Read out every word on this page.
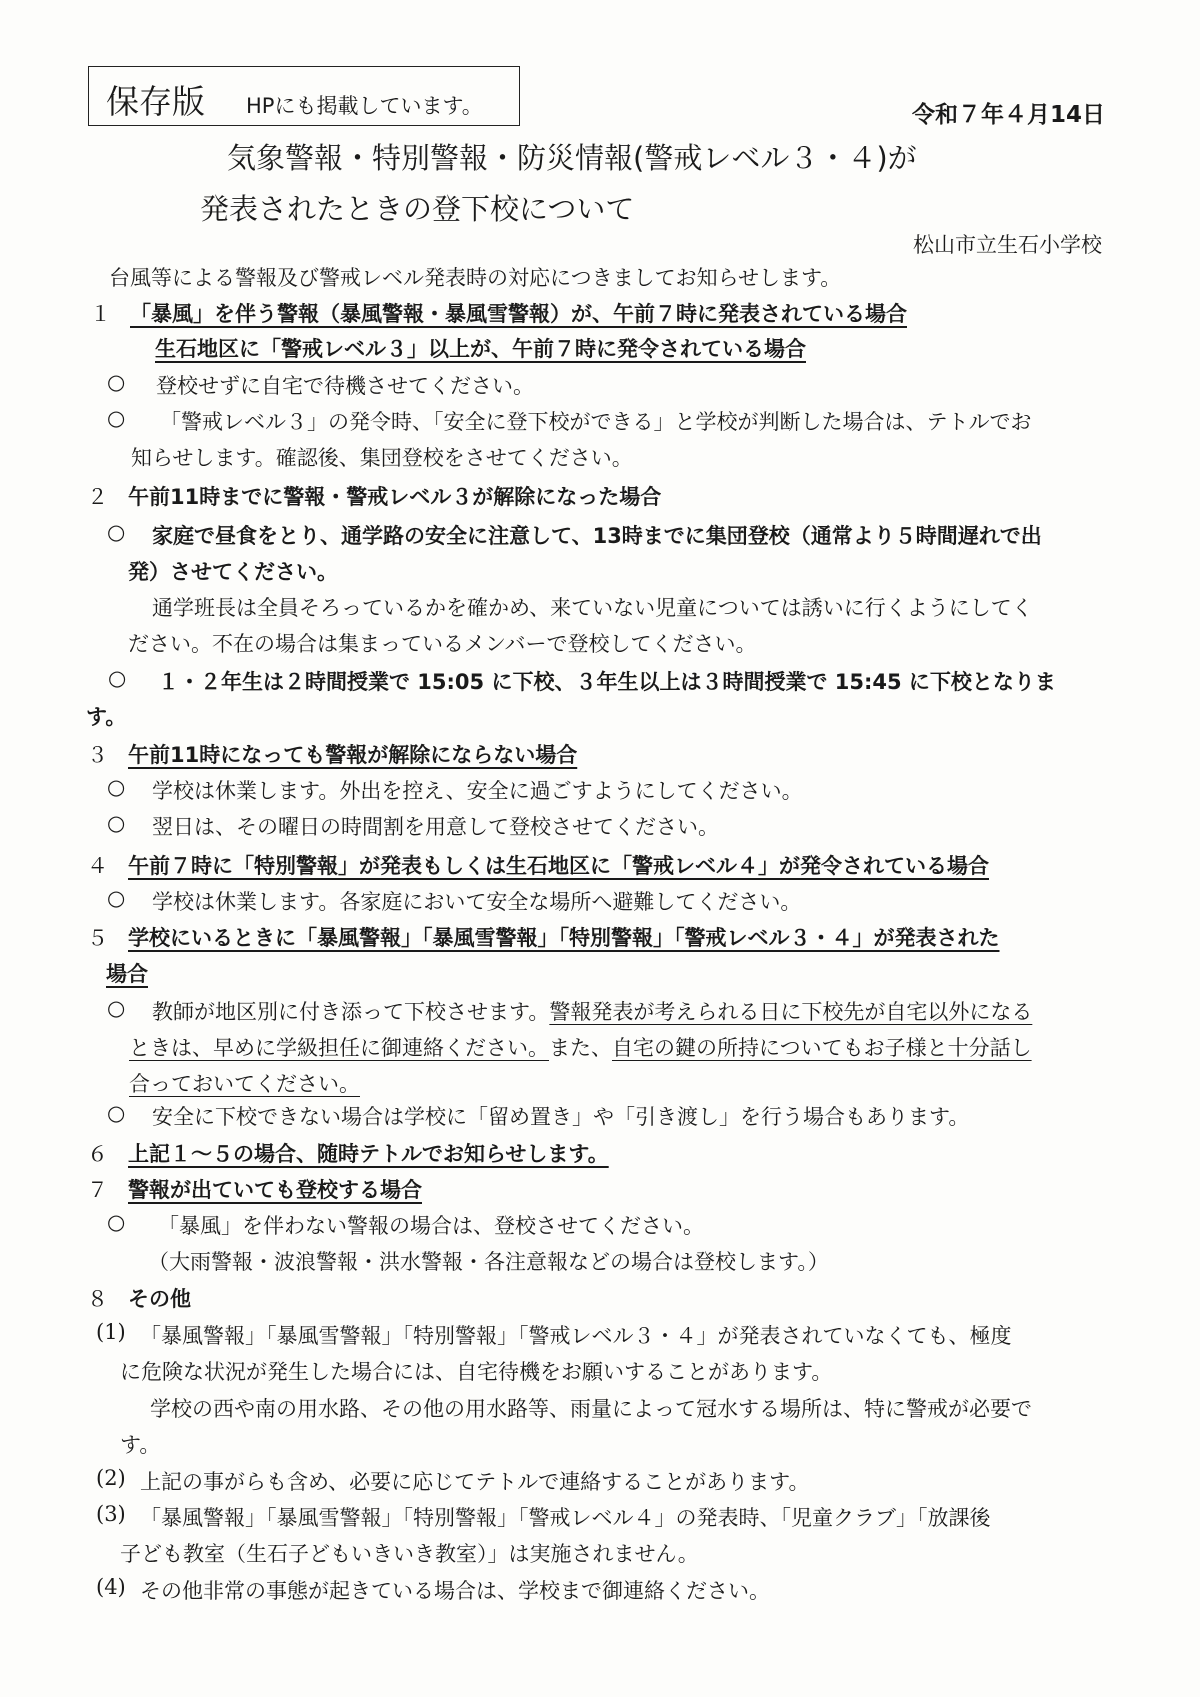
保存版 HPにも掲載しています。	令和７年４月14日
気象警報・特別警報・防災情報(警戒レベル３・４)が
発表されたときの登下校について
松山市立生石小学校
台風等による警報及び警戒レベル発表時の対応につきましてお知らせします。
１ 「暴風」を伴う警報（暴風警報・暴風雪警報）が、午前７時に発表されている場合
生石地区に「警戒レベル３」以上が、午前７時に発令されている場合
○ 登校せずに自宅で待機させてください。
○ 「警戒レベル３」の発令時、「安全に登下校ができる」と学校が判断した場合は、テトルでお
知らせします。確認後、集団登校をさせてください。
２ 午前11時までに警報・警戒レベル３が解除になった場合
○ 家庭で昼食をとり、通学路の安全に注意して、13時までに集団登校（通常より５時間遅れで出
発）させてください。
通学班長は全員そろっているかを確かめ、来ていない児童については誘いに行くようにしてく
ださい。不在の場合は集まっているメンバーで登校してください。
○ １・２年生は２時間授業で 15:05 に下校、３年生以上は３時間授業で 15:45 に下校となりま
す。
３ 午前11時になっても警報が解除にならない場合
○ 学校は休業します。外出を控え、安全に過ごすようにしてください。
○ 翌日は、その曜日の時間割を用意して登校させてください。
４ 午前７時に「特別警報」が発表もしくは生石地区に「警戒レベル４」が発令されている場合
○ 学校は休業します。各家庭において安全な場所へ避難してください。
５ 学校にいるときに「暴風警報」「暴風雪警報」「特別警報」「警戒レベル３・４」が発表された
場合
○ 教師が地区別に付き添って下校させます。警報発表が考えられる日に下校先が自宅以外になる
ときは、早めに学級担任に御連絡ください。また、自宅の鍵の所持についてもお子様と十分話し
合っておいてください。
○ 安全に下校できない場合は学校に「留め置き」や「引き渡し」を行う場合もあります。
６ 上記１～５の場合、随時テトルでお知らせします。
７ 警報が出ていても登校する場合
○ 「暴風」を伴わない警報の場合は、登校させてください。
（大雨警報・波浪警報・洪水警報・各注意報などの場合は登校します。）
８ その他
(1) 「暴風警報」「暴風雪警報」「特別警報」「警戒レベル３・４」が発表されていなくても、極度
に危険な状況が発生した場合には、自宅待機をお願いすることがあります。
学校の西や南の用水路、その他の用水路等、雨量によって冠水する場所は、特に警戒が必要で
す。
(2) 上記の事がらも含め、必要に応じてテトルで連絡することがあります。
(3) 「暴風警報」「暴風雪警報」「特別警報」「警戒レベル４」の発表時、「児童クラブ」「放課後
子ども教室（生石子どもいきいき教室）」は実施されません。
(4) その他非常の事態が起きている場合は、学校まで御連絡ください。
